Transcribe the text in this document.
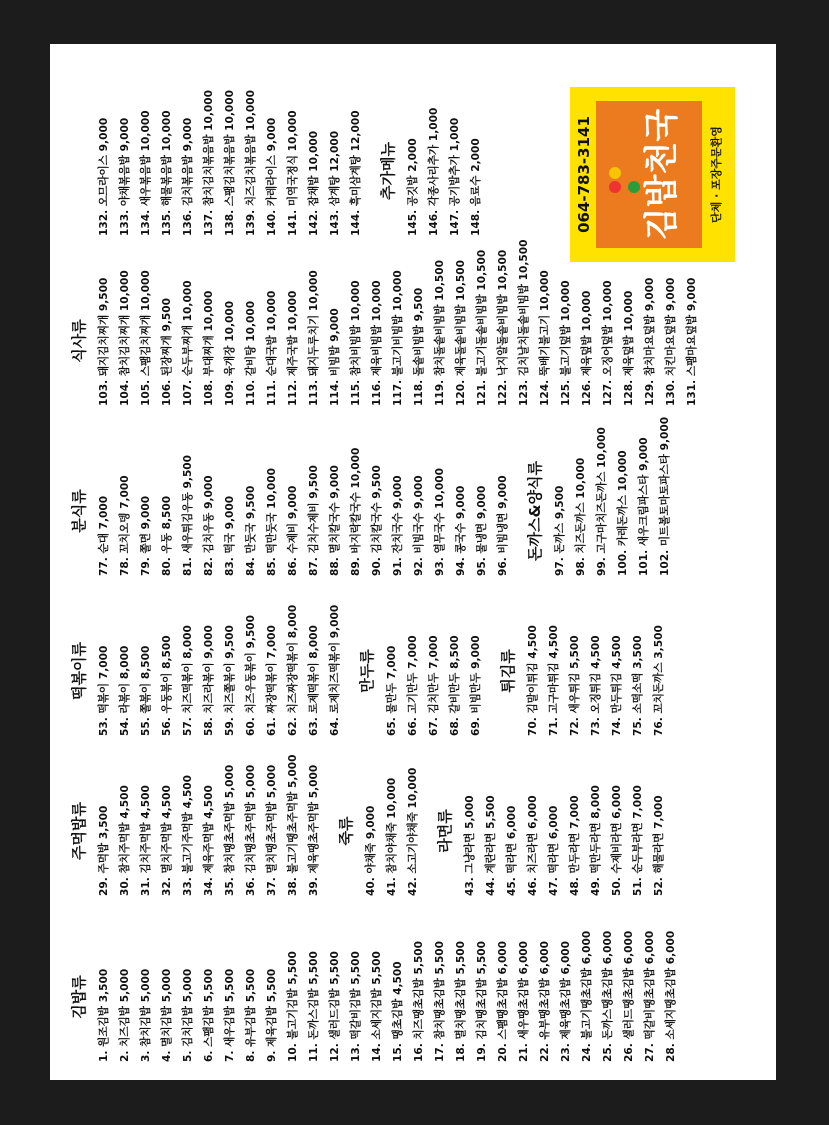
김밥류 1. 원조김밥 3,500 2. 치즈김밥 5,000 3. 참치김밥 5,000 4. 멸치김밥 5,000 5. 김치김밥 5,000 6. 스팸김밥 5,500 7. 새우김밥 5,500 8. 유부김밥 5,500 9. 제육김밥 5,500 10. 불고기김밥 5,500 11. 돈까스김밥 5,500 12. 샐러드김밥 5,500 13. 떡갈비김밥 5,500 14. 소세지김밥 5,500 15. 땡초김밥 4,500 16. 치즈땡초김밥 5,500 17. 참치땡초김밥 5,500 18. 멸치땡초김밥 5,500 19. 김치땡초김밥 5,500 20. 스팸땡초김밥 6,000 21. 새우땡초김밥 6,000 22. 유부땡초김밥 6,000 23. 제육땡초김밥 6,000 24. 불고기땡초김밥 6,000 25. 돈까스땡초김밥 6,000 26. 샐러드땡초김밥 6,000 27. 떡갈비땡초김밥 6,000 28. 소세지땡초김밥 6,000
주먹밥류 29. 주먹밥 3,500 30. 참치주먹밥 4,500 31. 김치주먹밥 4,500 32. 멸치주먹밥 4,500 33. 불고기주먹밥 4,500 34. 제육주먹밥 4,500 35. 참치땡초주먹밥 5,000 36. 김치땡초주먹밥 5,000 37. 멸치땡초주먹밥 5,000 38. 불고기땡초주먹밥 5,000 39. 제육땡초주먹밥 5,000	죽류 40. 야채죽 9,000 41. 참치야채죽 10,000 42. 소고기야채죽 10,000	라면류 43. 그냥라면 5,000 44. 계란라면 5,500 45. 떡라면 6,000 46. 치즈라면 6,000 47. 떡라면 6,000 48. 만두라면 7,000 49. 떡만두라면 8,000 50. 수제비라면 6,000 51. 순두부라면 7,000 52. 해물라면 7,000
떡볶이류 53. 떡볶이 7,000 54. 라볶이 8,000 55. 쫄볶이 8,500 56. 우동볶이 8,500 57. 치즈떡볶이 8,000 58. 치즈라볶이 9,000 59. 치즈쫄볶이 9,500 60. 치즈우동볶이 9,500 61. 짜장떡볶이 7,000 62. 치즈짜장떡볶이 8,000 63. 로제떡볶이 8,000 64. 로제치즈떡볶이 9,000	만두류 65. 물만두 7,000 66. 고기만두 7,000 67. 김치만두 7,000 68. 갈비만두 8,500 69. 비빔만두 9,000	튀김류 70. 김말이튀김 4,500 71. 고구마튀김 4,500 72. 새우튀김 5,500 73. 오징튀김 4,500 74. 만두튀김 4,500 75. 소떡소떡 3,500 76. 꼬치돈까스 3,500
분식류 77. 순대 7,000 78. 꼬치오뎅 7,000 79. 쫄면 9,000 80. 우동 8,500 81. 새우튀김우동 9,500 82. 김치우동 9,000 83. 떡국 9,000 84. 만둣국 9,500 85. 떡만둣국 10,000 86. 수제비 9,000 87. 김치수제비 9,500 88. 멸치칼국수 9,000 89. 바지락칼국수 10,000 90. 김치칼국수 9,500 91. 잔치국수 9,000 92. 비빔국수 9,000 93. 열무국수 10,000 94. 콩국수 9,000 95. 물냉면 9,000 96. 비빔냉면 9,000	돈까스&양식류 97. 돈까스 9,500 98. 치즈돈까스 10,000 99. 고구마치즈돈까스 10,000 100. 카레돈까스 10,000 101. 새우크림파스타 9,000 102. 미트볼토마토파스타 9,000
식사류 103. 돼지김치찌개 9,500 104. 참치김치찌개 10,000 105. 스팸김치찌개 10,000 106. 된장찌개 9,500 107. 순두부찌개 10,000 108. 부대찌개 10,000 109. 육개장 10,000 110. 갈비탕 10,000 111. 순대국밥 10,000 112. 제주국밥 10,000 113. 돼지두루치기 10,000 114. 비빔밥 9,000 115. 참치비빔밥 10,000 116. 제육비빔밥 10,000 117. 불고기비빔밥 10,000 118. 돌솥비빔밥 9,500 119. 참치돌솥비빔밥 10,500 120. 제육돌솥비빔밥 10,500 121. 불고기돌솥비빔밥 10,500 122. 낙지알돌솥비빔밥 10,500 123. 김치날치돌솥비빔밥 10,500 124. 뚝배기불고기 10,000 125. 불고기덮밥 10,000 126. 제육덮밥 10,000 127. 오징어덮밥 10,000 128. 제육덮밥 10,000 129. 참치마요덮밥 9,000 130. 치킨마요덮밥 9,000 131. 스팸마요덮밥 9,000
132. 오므라이스 9,000 133. 야채볶음밥 9,000 134. 새우볶음밥 10,000 135. 해물볶음밥 10,000 136. 김치볶음밥 9,000 137. 참치김치볶음밥 10,000 138. 스팸김치볶음밥 10,000 139. 치즈김치볶음밥 10,000 140. 카레라이스 9,000 141. 미역국정식 10,000 142. 잡채밥 10,000 143. 삼계탕 12,000 144. 흑미삼계탕 12,000	추가메뉴 145. 공깃밥 2,000 146. 각종사리추가 1,000 147. 공기밥추가 1,000 148. 음료수 2,000	064-783-3141 김밥천국	단체 · 포장주문환영
